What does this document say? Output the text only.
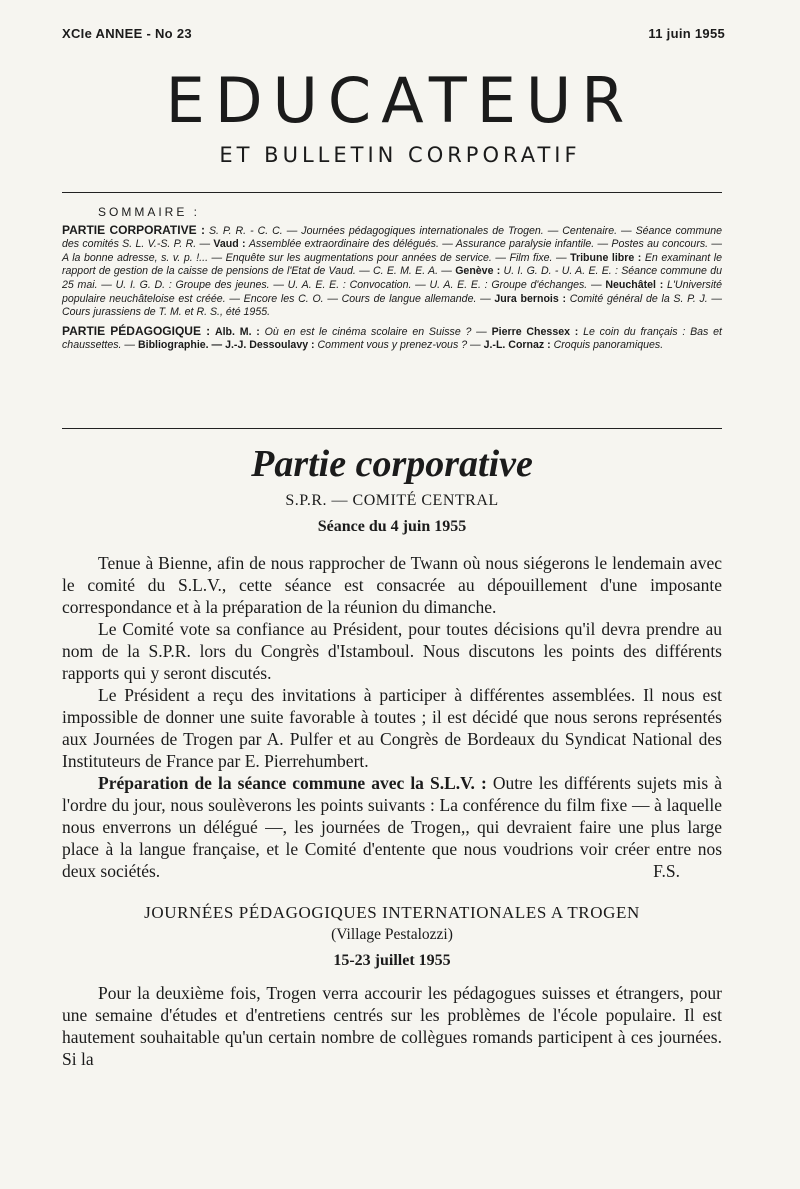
XCIe ANNEE - No 23	11 juin 1955
EDUCATEUR
ET BULLETIN CORPORATIF
SOMMAIRE :
PARTIE CORPORATIVE : S. P. R. - C. C. — Journées pédagogiques internationales de Trogen. — Centenaire. — Séance commune des comités S. L. V.-S. P. R. — Vaud : Assemblée extraordinaire des délégués. — Assurance paralysie infantile. — Postes au concours. — A la bonne adresse, s. v. p. !... — Enquête sur les augmentations pour années de service. — Film fixe. — Tribune libre : En examinant le rapport de gestion de la caisse de pensions de l'Etat de Vaud. — C. E. M. E. A. — Genève : U. I. G. D. - U. A. E. E. : Séance commune du 25 mai. — U. I. G. D. : Groupe des jeunes. — U. A. E. E. : Convocation. — U. A. E. E. : Groupe d'échanges. — Neuchâtel : L'Université populaire neuchâteloise est créée. — Encore les C. O. — Cours de langue allemande. — Jura bernois : Comité général de la S. P. J. — Cours jurassiens de T. M. et R. S., été 1955.
PARTIE PÉDAGOGIQUE : Alb. M. : Où en est le cinéma scolaire en Suisse ? — Pierre Chessex : Le coin du français : Bas et chaussettes. — Bibliographie. — J.-J. Dessoulavy : Comment vous y prenez-vous ? — J.-L. Cornaz : Croquis panoramiques.
Partie corporative
S.P.R. — COMITÉ CENTRAL
Séance du 4 juin 1955

Tenue à Bienne, afin de nous rapprocher de Twann où nous siégerons le lendemain avec le comité du S.L.V., cette séance est consacrée au dépouillement d'une imposante correspondance et à la préparation de la réunion du dimanche.

Le Comité vote sa confiance au Président, pour toutes décisions qu'il devra prendre au nom de la S.P.R. lors du Congrès d'Istamboul. Nous discutons les points des différents rapports qui y seront discutés.

Le Président a reçu des invitations à participer à différentes assemblées. Il nous est impossible de donner une suite favorable à toutes ; il est décidé que nous serons représentés aux Journées de Trogen par A. Pulfer et au Congrès de Bordeaux du Syndicat National des Instituteurs de France par E. Pierrehumbert.

Préparation de la séance commune avec la S.L.V. : Outre les différents sujets mis à l'ordre du jour, nous soulèverons les points suivants : La conférence du film fixe — à laquelle nous enverrons un délégué —, les journées de Trogen,, qui devraient faire une plus large place à la langue française, et le Comité d'entente que nous voudrions voir créer entre nos deux sociétés.	F.S.
JOURNÉES PÉDAGOGIQUES INTERNATIONALES A TROGEN
(Village Pestalozzi)
15-23 juillet 1955

Pour la deuxième fois, Trogen verra accourir les pédagogues suisses et étrangers, pour une semaine d'études et d'entretiens centrés sur les problèmes de l'école populaire. Il est hautement souhaitable qu'un certain nombre de collègues romands participent à ces journées. Si la
